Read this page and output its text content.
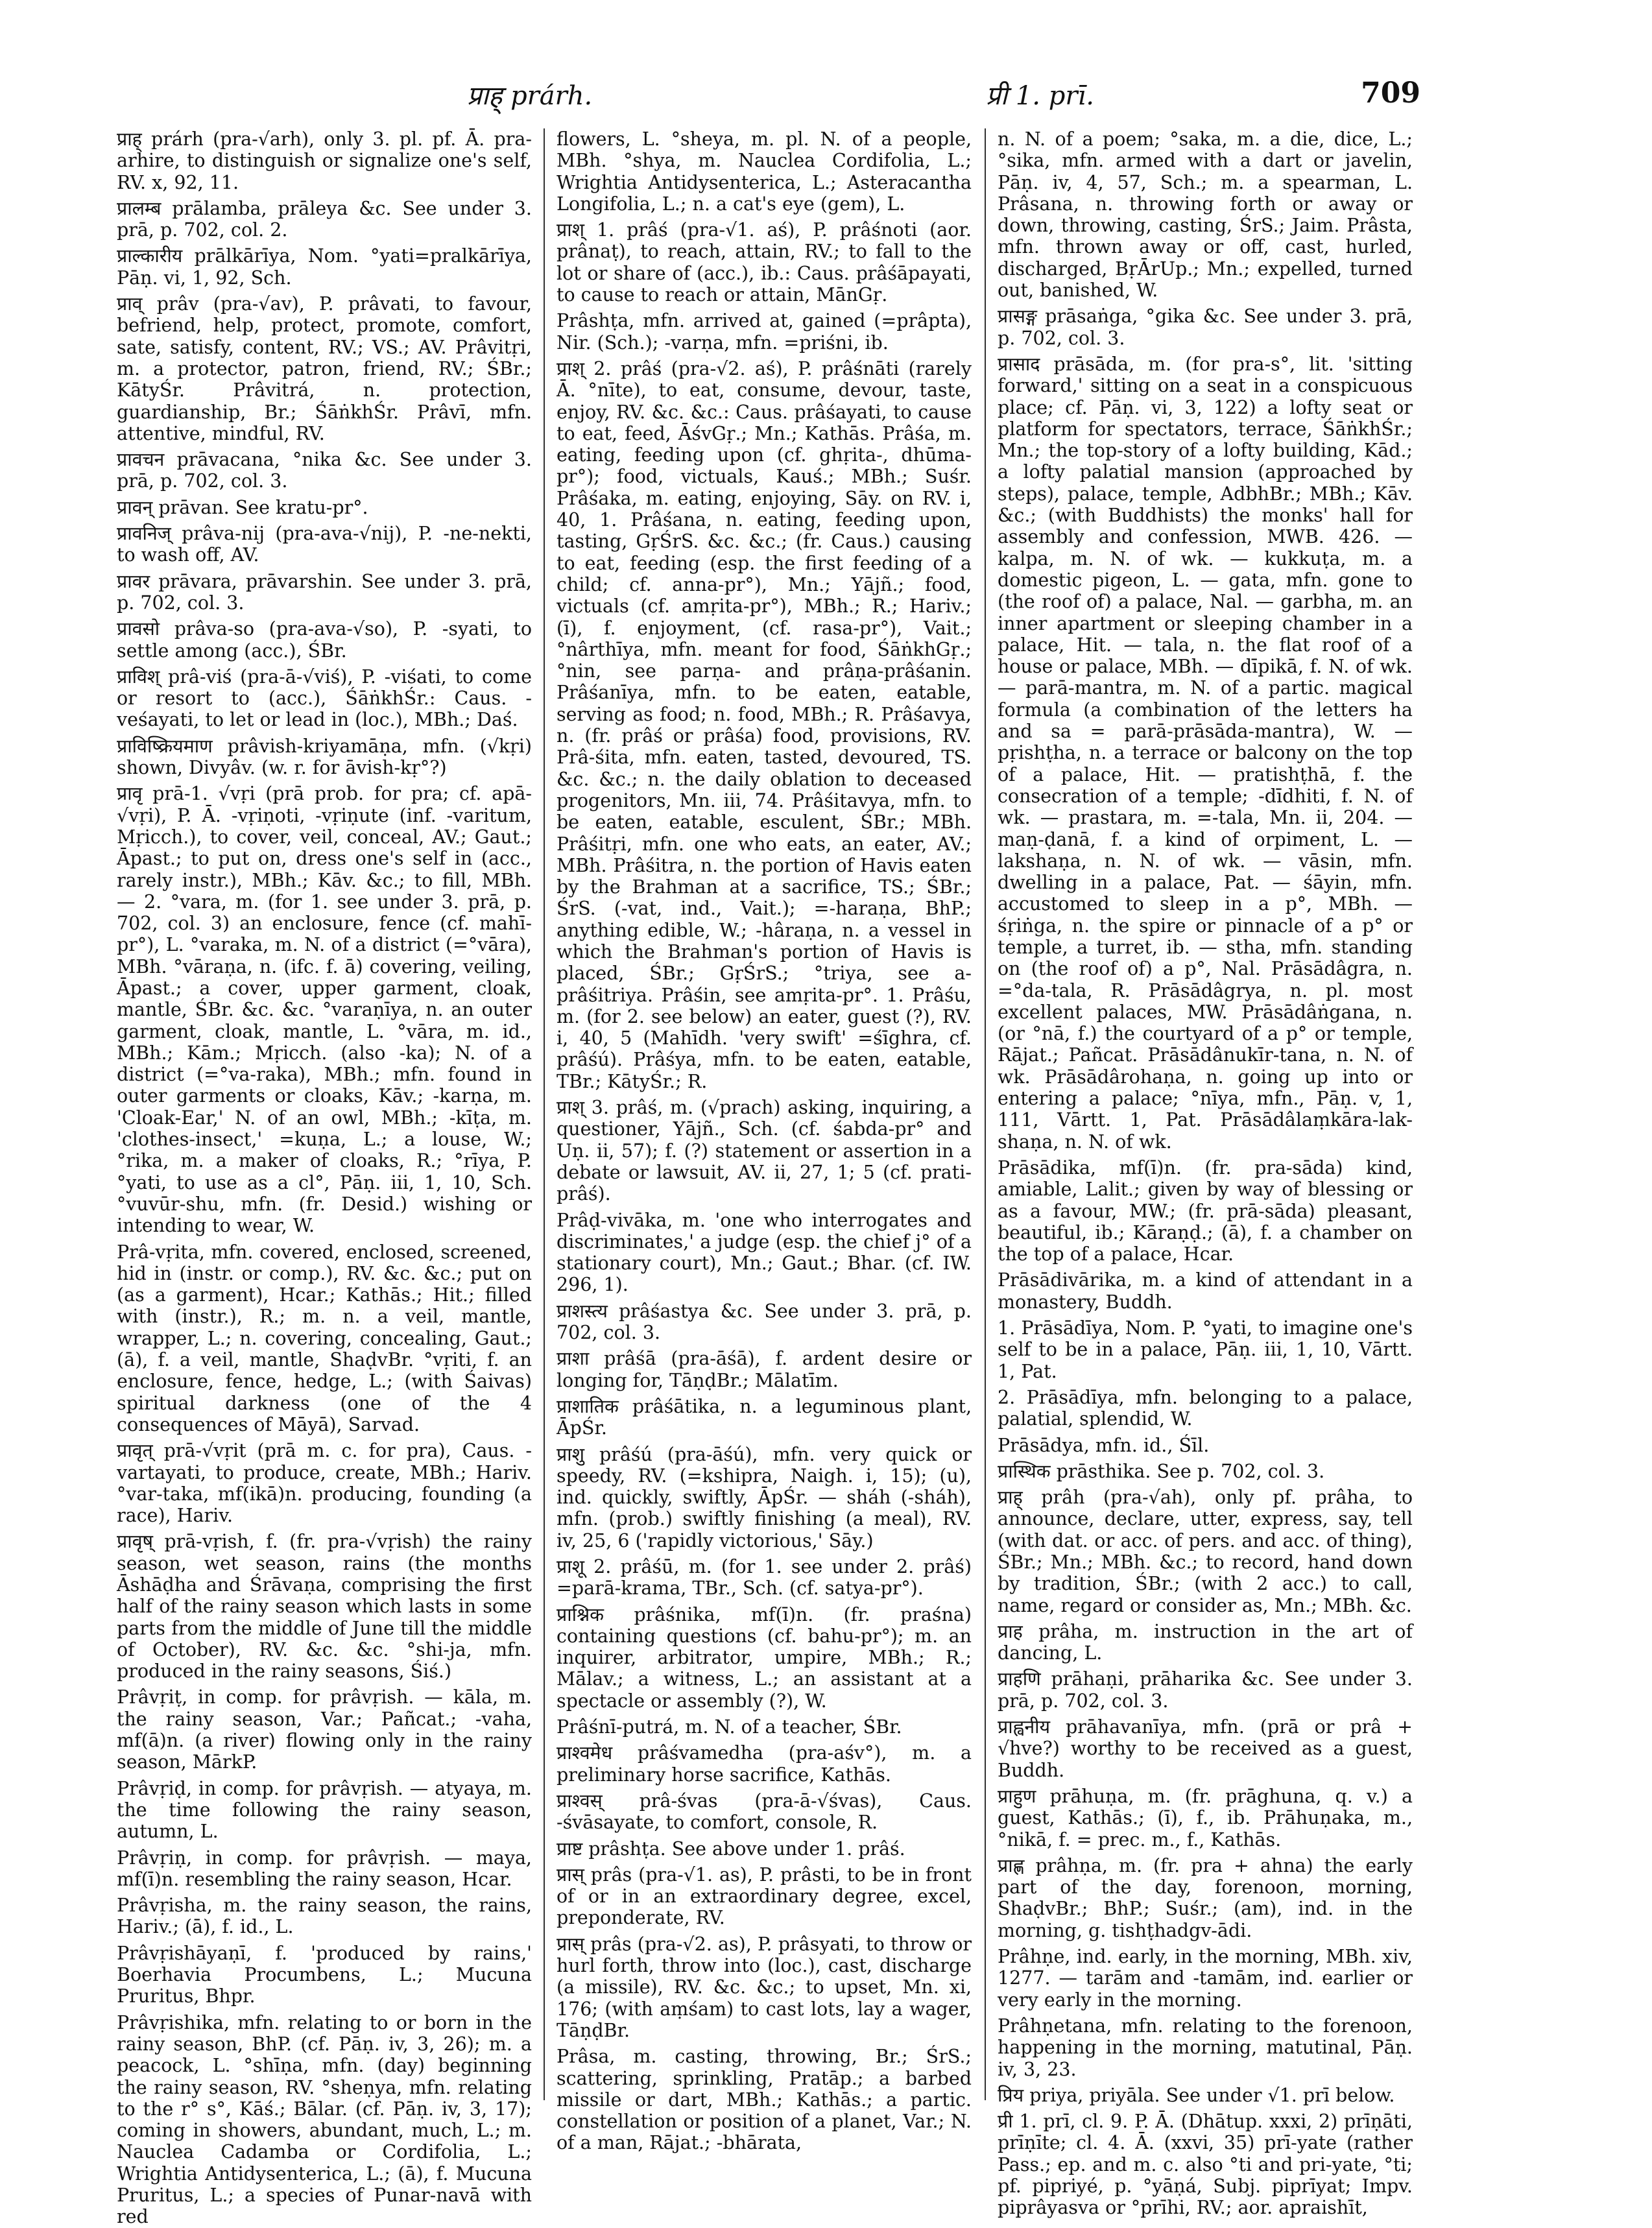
प्राह् prárh.	प्री 1. prī.	709

प्राह् prárh (pra-√arh), only 3. pl. pf. Ā. pra-arhire, to distinguish or signalize one's self, RV. x, 92, 11.

प्रालम्ब prālamba, prāleya &c. See under 3. prā, p. 702, col. 2.

प्राल्कारीय prālkārīya, Nom. °yati=pralkārīya, Pāṇ. vi, 1, 92, Sch.

प्राव् prâv (pra-√av), P. prâvati, to favour, befriend, help, protect, promote, comfort, sate, satisfy, content, RV.; VS.; AV. Prâvitṛi, m. a protector, patron, friend, RV.; ŚBr.; KātyŚr. Prâvitrá, n. protection, guardianship, Br.; ŚāṅkhŚr. Prâvī, mfn. attentive, mindful, RV.

प्रावचन prāvacana, °nika &c. See under 3. prā, p. 702, col. 3.

प्रावन् prāvan. See kratu-pr°.

प्रावनिज् prâva-nij (pra-ava-√nij), P. -ne-nekti, to wash off, AV.

प्रावर prāvara, prāvarshin. See under 3. prā, p. 702, col. 3.

प्रावसो prâva-so (pra-ava-√so), P. -syati, to settle among (acc.), ŚBr.

प्राविश् prâ-viś (pra-ā-√viś), P. -viśati, to come or resort to (acc.), ŚāṅkhŚr.: Caus. -veśayati, to let or lead in (loc.), MBh.; Daś.

प्राविष्क्रियमाण prâvish-kriyamāṇa, mfn. (√kṛi) shown, Divyâv. (w. r. for āvish-kṛ°?)

प्रावृ prā-1. √vṛi (prā prob. for pra; cf. apā-√vṛi), P. Ā. -vṛiṇoti, -vṛiṇute (inf. -varitum, Mṛicch.), to cover, veil, conceal, AV.; Gaut.; Āpast.; to put on, dress one's self in (acc., rarely instr.), MBh.; Kāv. &c.; to fill, MBh. — 2. °vara, m. (for 1. see under 3. prā, p. 702, col. 3) an enclosure, fence (cf. mahī-pr°), L. °varaka, m. N. of a district (=°vāra), MBh. °vāraṇa, n. (ifc. f. ā) covering, veiling, Āpast.; a cover, upper garment, cloak, mantle, ŚBr. &c. &c. °varaṇīya, n. an outer garment, cloak, mantle, L. °vāra, m. id., MBh.; Kām.; Mṛicch. (also -ka); N. of a district (=°va-raka), MBh.; mfn. found in outer garments or cloaks, Kāv.; -karṇa, m. 'Cloak-Ear,' N. of an owl, MBh.; -kīṭa, m. 'clothes-insect,' =kuṇa, L.; a louse, W.; °rika, m. a maker of cloaks, R.; °rīya, P. °yati, to use as a cl°, Pāṇ. iii, 1, 10, Sch. °vuvūr-shu, mfn. (fr. Desid.) wishing or intending to wear, W.

Prâ-vṛita, mfn. covered, enclosed, screened, hid in (instr. or comp.), RV. &c. &c.; put on (as a garment), Hcar.; Kathās.; Hit.; filled with (instr.), R.; m. n. a veil, mantle, wrapper, L.; n. covering, concealing, Gaut.; (ā), f. a veil, mantle, ShaḍvBr. °vṛiti, f. an enclosure, fence, hedge, L.; (with Śaivas) spiritual darkness (one of the 4 consequences of Māyā), Sarvad.

प्रावृत् prā-√vṛit (prā m. c. for pra), Caus. -vartayati, to produce, create, MBh.; Hariv. °var-taka, mf(ikā)n. producing, founding (a race), Hariv.

प्रावृष् prā-vṛish, f. (fr. pra-√vṛish) the rainy season, wet season, rains (the months Āshāḍha and Śrāvaṇa, comprising the first half of the rainy season which lasts in some parts from the middle of June till the middle of October), RV. &c. &c. °shi-ja, mfn. produced in the rainy seasons, Śiś.)

Prâvṛiṭ, in comp. for prâvṛish. — kāla, m. the rainy season, Var.; Pañcat.; -vaha, mf(ā)n. (a river) flowing only in the rainy season, MārkP.

Prâvṛiḍ, in comp. for prâvṛish. — atyaya, m. the time following the rainy season, autumn, L.

Prâvṛiṇ, in comp. for prâvṛish. — maya, mf(ī)n. resembling the rainy season, Hcar.

Prâvṛisha, m. the rainy season, the rains, Hariv.; (ā), f. id., L.

Prâvṛishāyaṇī, f. 'produced by rains,' Boerhavia Procumbens, L.; Mucuna Pruritus, Bhpr.

Prâvṛishika, mfn. relating to or born in the rainy season, BhP. (cf. Pāṇ. iv, 3, 26); m. a peacock, L. °shīṇa, mfn. (day) beginning the rainy season, RV. °sheṇya, mfn. relating to the r° s°, Kāś.; Bālar. (cf. Pāṇ. iv, 3, 17); coming in showers, abundant, much, L.; m. Nauclea Cadamba or Cordifolia, L.; Wrightia Antidysenterica, L.; (ā), f. Mucuna Pruritus, L.; a species of Punar-navā with red

flowers, L. °sheya, m. pl. N. of a people, MBh. °shya, m. Nauclea Cordifolia, L.; Wrightia Antidysenterica, L.; Asteracantha Longifolia, L.; n. a cat's eye (gem), L.

प्राश् 1. prâś (pra-√1. aś), P. prâśnoti (aor. prânaṭ), to reach, attain, RV.; to fall to the lot or share of (acc.), ib.: Caus. prâśāpayati, to cause to reach or attain, MānGṛ.

Prâshṭa, mfn. arrived at, gained (=prâpta), Nir. (Sch.); -varṇa, mfn. =priśni, ib.

प्राश् 2. prâś (pra-√2. aś), P. prâśnāti (rarely Ā. °nīte), to eat, consume, devour, taste, enjoy, RV. &c. &c.: Caus. prâśayati, to cause to eat, feed, ĀśvGṛ.; Mn.; Kathās. Prâśa, m. eating, feeding upon (cf. ghṛita-, dhūma-pr°); food, victuals, Kauś.; MBh.; Suśr. Prâśaka, m. eating, enjoying, Sāy. on RV. i, 40, 1. Prâśana, n. eating, feeding upon, tasting, GṛŚrS. &c. &c.; (fr. Caus.) causing to eat, feeding (esp. the first feeding of a child; cf. anna-pr°), Mn.; Yājñ.; food, victuals (cf. amṛita-pr°), MBh.; R.; Hariv.; (ī), f. enjoyment, (cf. rasa-pr°), Vait.; °nârthīya, mfn. meant for food, ŚāṅkhGṛ.; °nin, see parṇa- and prâṇa-prâśanin. Prâśanīya, mfn. to be eaten, eatable, serving as food; n. food, MBh.; R. Prâśavya, n. (fr. prâś or prâśa) food, provisions, RV. Prâ-śita, mfn. eaten, tasted, devoured, TS. &c. &c.; n. the daily oblation to deceased progenitors, Mn. iii, 74. Prâśitavya, mfn. to be eaten, eatable, esculent, ŚBr.; MBh. Prâśitṛi, mfn. one who eats, an eater, AV.; MBh. Prâśitra, n. the portion of Havis eaten by the Brahman at a sacrifice, TS.; ŚBr.; ŚrS. (-vat, ind., Vait.); =-haraṇa, BhP.; anything edible, W.; -hâraṇa, n. a vessel in which the Brahman's portion of Havis is placed, ŚBr.; GṛŚrS.; °triya, see a-prâśitriya. Prâśin, see amṛita-pr°. 1. Prâśu, m. (for 2. see below) an eater, guest (?), RV. i, 40, 5 (Mahīdh. 'very swift' =śīghra, cf. prâśú). Prâśya, mfn. to be eaten, eatable, TBr.; KātyŚr.; R.

प्राश् 3. prâś, m. (√prach) asking, inquiring, a questioner, Yājñ., Sch. (cf. śabda-pr° and Uṇ. ii, 57); f. (?) statement or assertion in a debate or lawsuit, AV. ii, 27, 1; 5 (cf. prati-prâś).

Prâḍ-vivāka, m. 'one who interrogates and discriminates,' a judge (esp. the chief j° of a stationary court), Mn.; Gaut.; Bhar. (cf. IW. 296, 1).

प्राशस्त्य prâśastya &c. See under 3. prā, p. 702, col. 3.

प्राशा prâśā (pra-āśā), f. ardent desire or longing for, TāṇḍBr.; Mālatīm.

प्राशातिक prâśātika, n. a leguminous plant, ĀpŚr.

प्राशु prâśú (pra-āśú), mfn. very quick or speedy, RV. (=kshipra, Naigh. i, 15); (u), ind. quickly, swiftly, ĀpŚr. — sháh (-sháh), mfn. (prob.) swiftly finishing (a meal), RV. iv, 25, 6 ('rapidly victorious,' Sāy.)

प्राशू 2. prâśū, m. (for 1. see under 2. prâś) =parā-krama, TBr., Sch. (cf. satya-pr°).

प्राश्निक prâśnika, mf(ī)n. (fr. praśna) containing questions (cf. bahu-pr°); m. an inquirer, arbitrator, umpire, MBh.; R.; Mālav.; a witness, L.; an assistant at a spectacle or assembly (?), W.

Prâśnī-putrá, m. N. of a teacher, ŚBr.

प्राश्वमेध prâśvamedha (pra-aśv°), m. a preliminary horse sacrifice, Kathās.

प्राश्वस् prâ-śvas (pra-ā-√śvas), Caus. -śvāsayate, to comfort, console, R.

प्राष्ट prâshṭa. See above under 1. prâś.

प्रास् prâs (pra-√1. as), P. prâsti, to be in front of or in an extraordinary degree, excel, preponderate, RV.

प्रास् prâs (pra-√2. as), P. prâsyati, to throw or hurl forth, throw into (loc.), cast, discharge (a missile), RV. &c. &c.; to upset, Mn. xi, 176; (with aṃśam) to cast lots, lay a wager, TāṇḍBr.

Prâsa, m. casting, throwing, Br.; ŚrS.; scattering, sprinkling, Pratāp.; a barbed missile or dart, MBh.; Kathās.; a partic. constellation or position of a planet, Var.; N. of a man, Rājat.; -bhārata,

n. N. of a poem; °saka, m. a die, dice, L.; °sika, mfn. armed with a dart or javelin, Pāṇ. iv, 4, 57, Sch.; m. a spearman, L. Prâsana, n. throwing forth or away or down, throwing, casting, ŚrS.; Jaim. Prâsta, mfn. thrown away or off, cast, hurled, discharged, BṛĀrUp.; Mn.; expelled, turned out, banished, W.

प्रासङ्ग prāsaṅga, °gika &c. See under 3. prā, p. 702, col. 3.

प्रासाद prāsāda, m. (for pra-s°, lit. 'sitting forward,' sitting on a seat in a conspicuous place; cf. Pāṇ. vi, 3, 122) a lofty seat or platform for spectators, terrace, ŚāṅkhŚr.; Mn.; the top-story of a lofty building, Kād.; a lofty palatial mansion (approached by steps), palace, temple, AdbhBr.; MBh.; Kāv. &c.; (with Buddhists) the monks' hall for assembly and confession, MWB. 426. — kalpa, m. N. of wk. — kukkuṭa, m. a domestic pigeon, L. — gata, mfn. gone to (the roof of) a palace, Nal. — garbha, m. an inner apartment or sleeping chamber in a palace, Hit. — tala, n. the flat roof of a house or palace, MBh. — dīpikā, f. N. of wk. — parā-mantra, m. N. of a partic. magical formula (a combination of the letters ha and sa = parā-prāsāda-mantra), W. — pṛishṭha, n. a terrace or balcony on the top of a palace, Hit. — pratishṭhā, f. the consecration of a temple; -dīdhiti, f. N. of wk. — prastara, m. =-tala, Mn. ii, 204. — maṇ-ḍanā, f. a kind of orpiment, L. — lakshaṇa, n. N. of wk. — vāsin, mfn. dwelling in a palace, Pat. — śāyin, mfn. accustomed to sleep in a p°, MBh. — śṛiṅga, n. the spire or pinnacle of a p° or temple, a turret, ib. — stha, mfn. standing on (the roof of) a p°, Nal. Prāsādâgra, n. =°da-tala, R. Prāsādâgrya, n. pl. most excellent palaces, MW. Prāsādâṅgana, n. (or °nā, f.) the courtyard of a p° or temple, Rājat.; Pañcat. Prāsādânukīr-tana, n. N. of wk. Prāsādârohaṇa, n. going up into or entering a palace; °nīya, mfn., Pāṇ. v, 1, 111, Vārtt. 1, Pat. Prāsādâlaṃkāra-lak-shaṇa, n. N. of wk.

Prāsādika, mf(ī)n. (fr. pra-sāda) kind, amiable, Lalit.; given by way of blessing or as a favour, MW.; (fr. prā-sāda) pleasant, beautiful, ib.; Kāraṇḍ.; (ā), f. a chamber on the top of a palace, Hcar.

Prāsādivārika, m. a kind of attendant in a monastery, Buddh.

1. Prāsādīya, Nom. P. °yati, to imagine one's self to be in a palace, Pāṇ. iii, 1, 10, Vārtt. 1, Pat.

2. Prāsādīya, mfn. belonging to a palace, palatial, splendid, W.

Prāsādya, mfn. id., Śīl.

प्रास्थिक prāsthika. See p. 702, col. 3.

प्राह् prâh (pra-√ah), only pf. prâha, to announce, declare, utter, express, say, tell (with dat. or acc. of pers. and acc. of thing), ŚBr.; Mn.; MBh. &c.; to record, hand down by tradition, ŚBr.; (with 2 acc.) to call, name, regard or consider as, Mn.; MBh. &c.

प्राह prâha, m. instruction in the art of dancing, L.

प्राहणि prāhaṇi, prāharika &c. See under 3. prā, p. 702, col. 3.

प्राह्वनीय prāhavanīya, mfn. (prā or prâ + √hve?) worthy to be received as a guest, Buddh.

प्राहुण prāhuṇa, m. (fr. prāghuna, q. v.) a guest, Kathās.; (ī), f., ib. Prāhuṇaka, m., °nikā, f. = prec. m., f., Kathās.

प्राह्ण prâhṇa, m. (fr. pra + ahna) the early part of the day, forenoon, morning, ShaḍvBr.; BhP.; Suśr.; (am), ind. in the morning, g. tishṭhadgv-ādi.

Prâhṇe, ind. early, in the morning, MBh. xiv, 1277. — tarām and -tamām, ind. earlier or very early in the morning.

Prâhṇetana, mfn. relating to the forenoon, happening in the morning, matutinal, Pāṇ. iv, 3, 23.

प्रिय priya, priyāla. See under √1. prī below.

प्री 1. prī, cl. 9. P. Ā. (Dhātup. xxxi, 2) prīṇāti, prīṇīte; cl. 4. Ā. (xxvi, 35) prī-yate (rather Pass.; ep. and m. c. also °ti and pri-yate, °ti; pf. pipriyé, p. °yāṇá, Subj. piprīyat; Impv. piprâyasva or °prīhi, RV.; aor. apraishīt,
